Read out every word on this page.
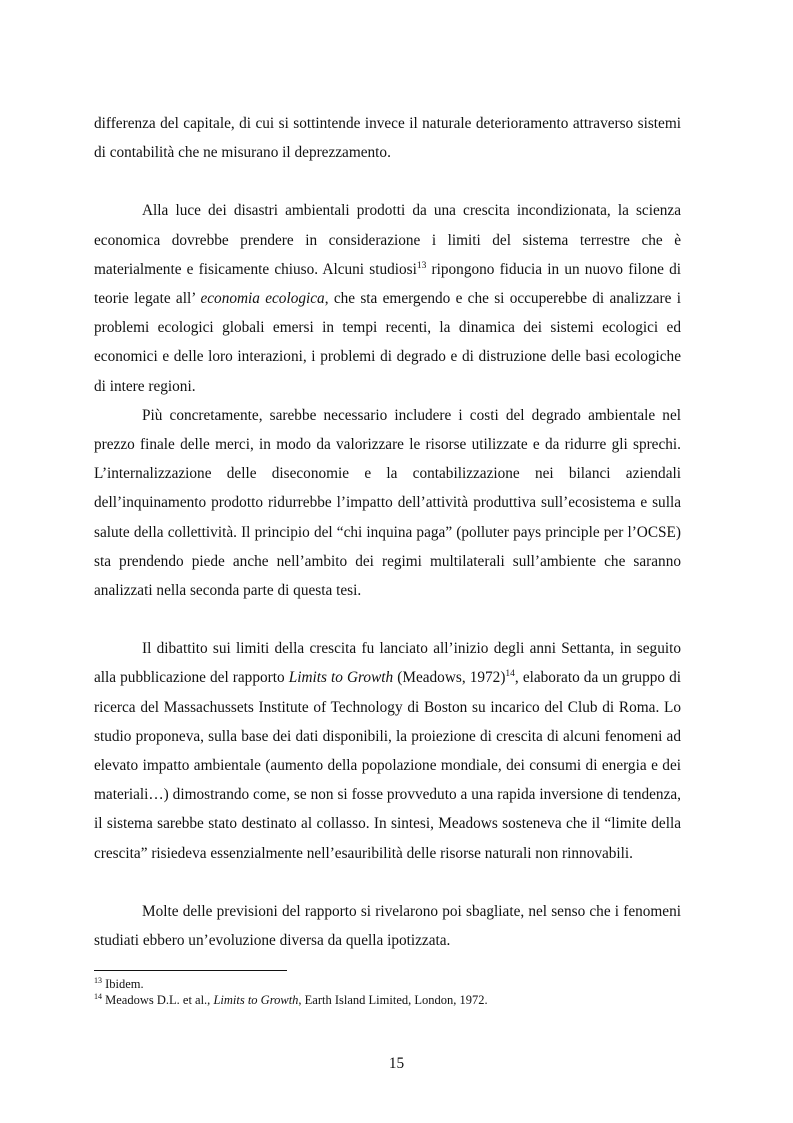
differenza del capitale, di cui si sottintende invece il naturale deterioramento attraverso sistemi di contabilità che ne misurano il deprezzamento.

Alla luce dei disastri ambientali prodotti da una crescita incondizionata, la scienza economica dovrebbe prendere in considerazione i limiti del sistema terrestre che è materialmente e fisicamente chiuso. Alcuni studiosi$^{13}$ ripongono fiducia in un nuovo filone di teorie legate all’ economia ecologica, che sta emergendo e che si occuperebbe di analizzare i problemi ecologici globali emersi in tempi recenti, la dinamica dei sistemi ecologici ed economici e delle loro interazioni, i problemi di degrado e di distruzione delle basi ecologiche di intere regioni.

Più concretamente, sarebbe necessario includere i costi del degrado ambientale nel prezzo finale delle merci, in modo da valorizzare le risorse utilizzate e da ridurre gli sprechi. L’internalizzazione delle diseconomie e la contabilizzazione nei bilanci aziendali dell’inquinamento prodotto ridurrebbe l’impatto dell’attività produttiva sull’ecosistema e sulla salute della collettività. Il principio del “chi inquina paga” (polluter pays principle per l’OCSE) sta prendendo piede anche nell’ambito dei regimi multilaterali sull’ambiente che saranno analizzati nella seconda parte di questa tesi.

Il dibattito sui limiti della crescita fu lanciato all’inizio degli anni Settanta, in seguito alla pubblicazione del rapporto Limits to Growth (Meadows, 1972)$^{14}$, elaborato da un gruppo di ricerca del Massachussets Institute of Technology di Boston su incarico del Club di Roma. Lo studio proponeva, sulla base dei dati disponibili, la proiezione di crescita di alcuni fenomeni ad elevato impatto ambientale (aumento della popolazione mondiale, dei consumi di energia e dei materiali…) dimostrando come, se non si fosse provveduto a una rapida inversione di tendenza, il sistema sarebbe stato destinato al collasso. In sintesi, Meadows sosteneva che il “limite della crescita” risiedeva essenzialmente nell’esauribilità delle risorse naturali non rinnovabili.

Molte delle previsioni del rapporto si rivelarono poi sbagliate, nel senso che i fenomeni studiati ebbero un’evoluzione diversa da quella ipotizzata.

$^{13}$ Ibidem.

$^{14}$ Meadows D.L. et al., Limits to Growth, Earth Island Limited, London, 1972.

15
